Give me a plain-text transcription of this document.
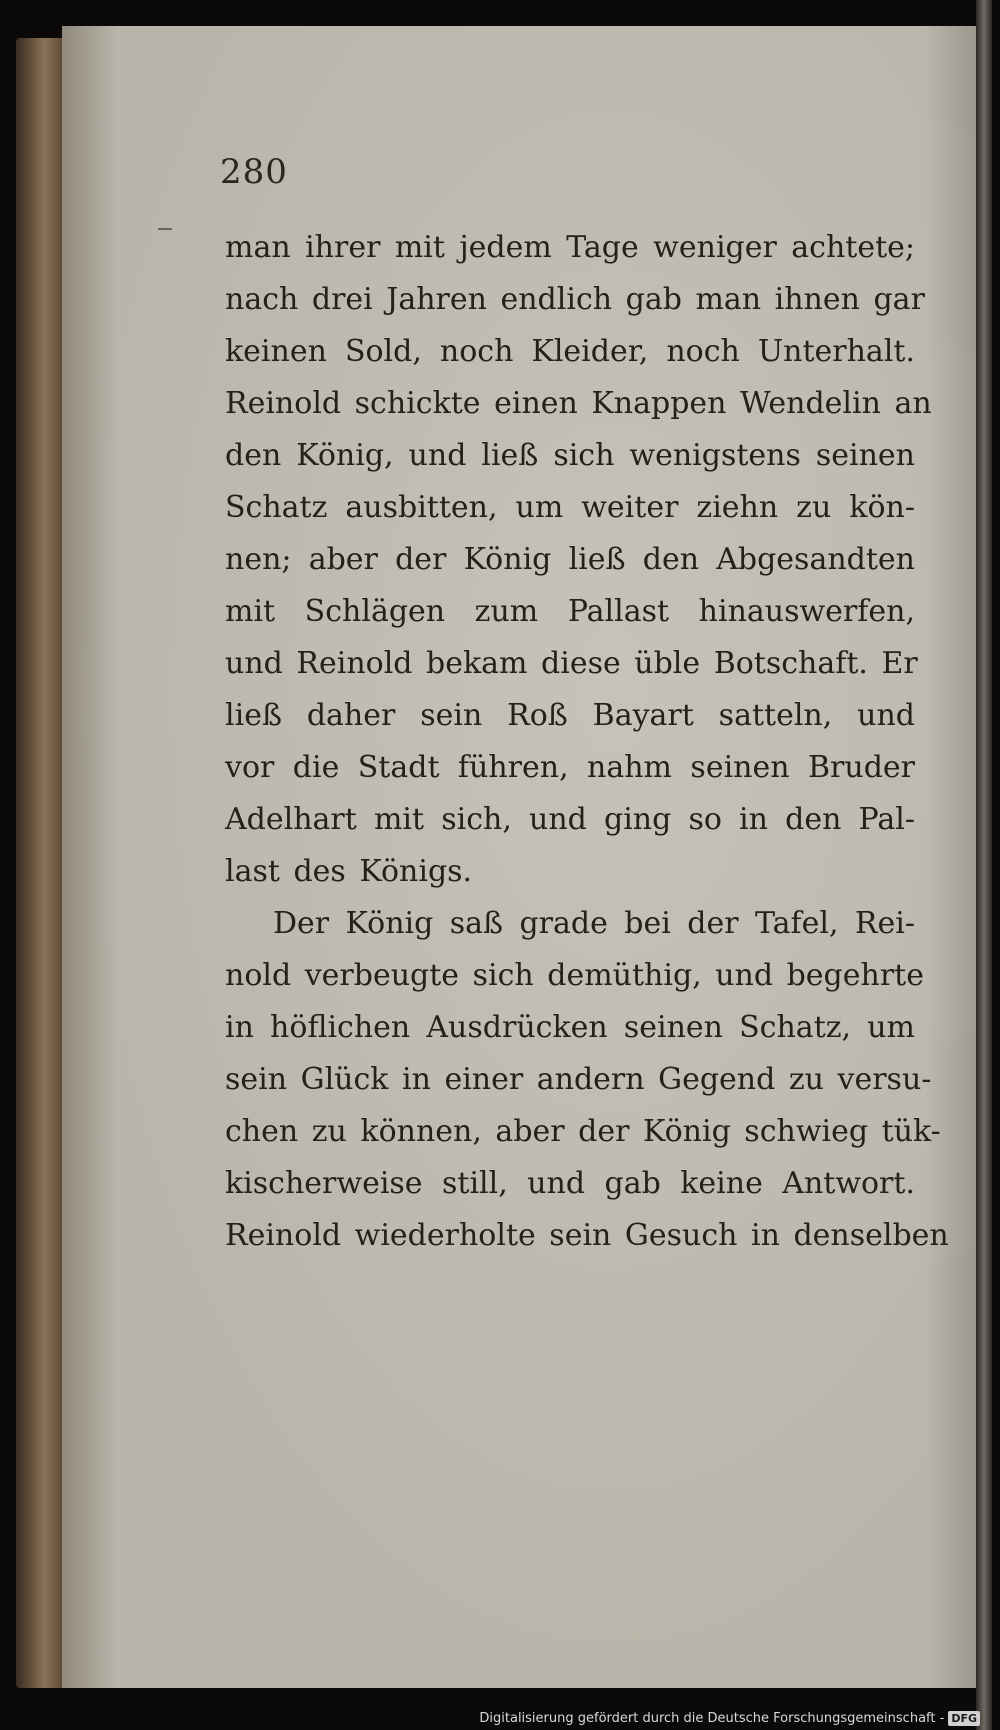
280
man ihrer mit jedem Tage weniger achtete;
nach drei Jahren endlich gab man ihnen gar
keinen Sold, noch Kleider, noch Unterhalt.
Reinold schickte einen Knappen Wendelin an
den König, und ließ sich wenigstens seinen
Schatz ausbitten, um weiter ziehn zu kön-
nen; aber der König ließ den Abgesandten
mit Schlägen zum Pallast hinauswerfen,
und Reinold bekam diese üble Botschaft. Er
ließ daher sein Roß Bayart satteln, und
vor die Stadt führen, nahm seinen Bruder
Adelhart mit sich, und ging so in den Pal-
last des Königs.
Der König saß grade bei der Tafel, Rei-
nold verbeugte sich demüthig, und begehrte
in höflichen Ausdrücken seinen Schatz, um
sein Glück in einer andern Gegend zu versu-
chen zu können, aber der König schwieg tük-
kischerweise still, und gab keine Antwort.
Reinold wiederholte sein Gesuch in denselben
Digitalisierung gefördert durch die Deutsche Forschungsgemeinschaft - DFG
